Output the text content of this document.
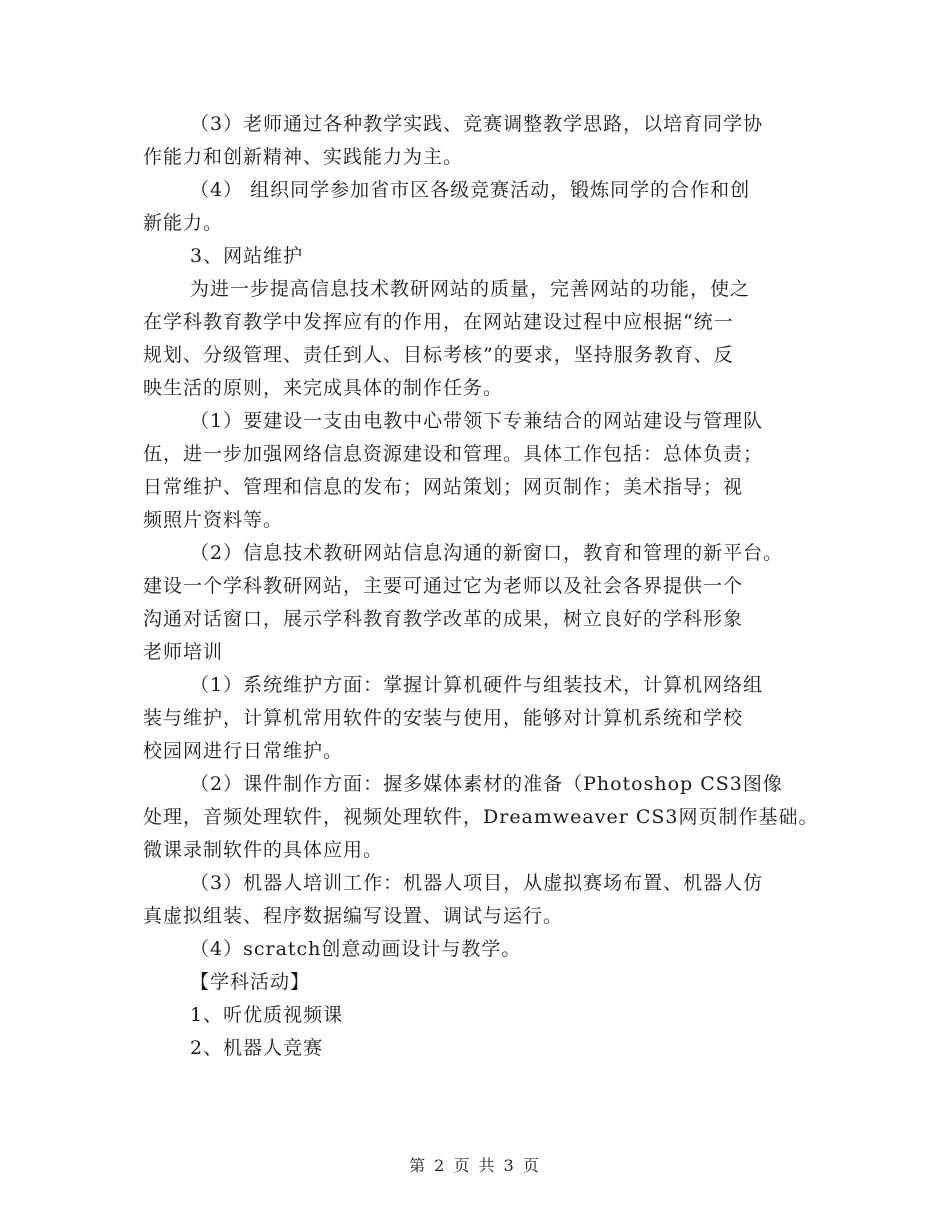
（3）老师通过各种教学实践、竞赛调整教学思路，以培育同学协
作能力和创新精神、实践能力为主。
（4） 组织同学参加省市区各级竞赛活动，锻炼同学的合作和创
新能力。
3、网站维护
为进一步提高信息技术教研网站的质量，完善网站的功能，使之
在学科教育教学中发挥应有的作用，在网站建设过程中应根据“统一
规划、分级管理、责任到人、目标考核”的要求，坚持服务教育、反
映生活的原则，来完成具体的制作任务。
（1）要建设一支由电教中心带领下专兼结合的网站建设与管理队
伍，进一步加强网络信息资源建设和管理。具体工作包括：总体负责；
日常维护、管理和信息的发布；网站策划；网页制作；美术指导；视
频照片资料等。
（2）信息技术教研网站信息沟通的新窗口，教育和管理的新平台。
建设一个学科教研网站，主要可通过它为老师以及社会各界提供一个
沟通对话窗口，展示学科教育教学改革的成果，树立良好的学科形象
老师培训
（1）系统维护方面：掌握计算机硬件与组装技术，计算机网络组
装与维护，计算机常用软件的安装与使用，能够对计算机系统和学校
校园网进行日常维护。
（2）课件制作方面：握多媒体素材的准备（Photoshop CS3图像
处理，音频处理软件，视频处理软件，Dreamweaver CS3网页制作基础。
微课录制软件的具体应用。
（3）机器人培训工作：机器人项目，从虚拟赛场布置、机器人仿
真虚拟组装、程序数据编写设置、调试与运行。
（4）scratch创意动画设计与教学。
【学科活动】
1、听优质视频课
2、机器人竞赛
第 2 页 共 3 页
